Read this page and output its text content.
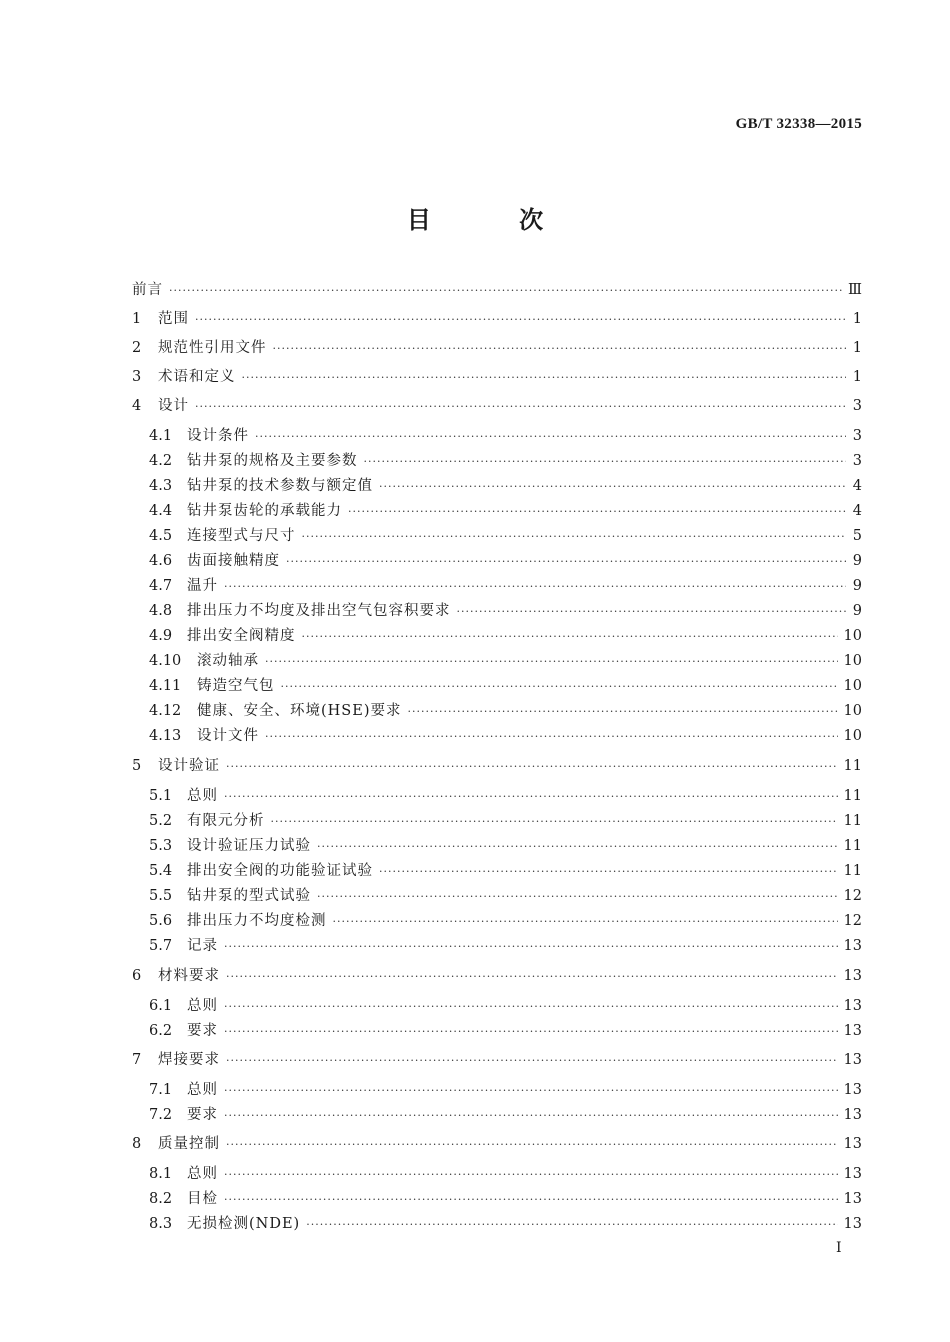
GB/T 32338—2015
目 次
前言 ·····	Ⅲ
1	范围 ·····	1
2	规范性引用文件 ·····	1
3	术语和定义 ·····	1
4	设计 ·····	3
4.1	设计条件 ·····	3
4.2	钻井泵的规格及主要参数 ·····	3
4.3	钻井泵的技术参数与额定值 ·····	4
4.4	钻井泵齿轮的承载能力 ·····	4
4.5	连接型式与尺寸 ·····	5
4.6	齿面接触精度 ·····	9
4.7	温升 ·····	9
4.8	排出压力不均度及排出空气包容积要求 ·····	9
4.9	排出安全阀精度 ·····	10
4.10	滚动轴承 ·····	10
4.11	铸造空气包 ·····	10
4.12	健康、安全、环境(HSE)要求 ·····	10
4.13	设计文件 ·····	10
5	设计验证 ·····	11
5.1	总则 ·····	11
5.2	有限元分析 ·····	11
5.3	设计验证压力试验 ·····	11
5.4	排出安全阀的功能验证试验 ·····	11
5.5	钻井泵的型式试验 ·····	12
5.6	排出压力不均度检测 ·····	12
5.7	记录 ·····	13
6	材料要求 ·····	13
6.1	总则 ·····	13
6.2	要求 ·····	13
7	焊接要求 ·····	13
7.1	总则 ·····	13
7.2	要求 ·····	13
8	质量控制 ·····	13
8.1	总则 ·····	13
8.2	目检 ·····	13
8.3	无损检测(NDE) ·····	13
I
